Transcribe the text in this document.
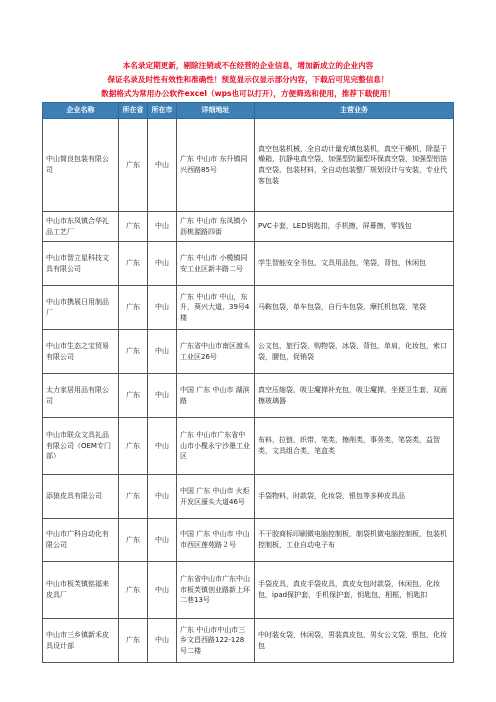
本名录定期更新，剔除注销或不在经营的企业信息，增加新成立的企业内容
保证名录及时性有效性和准确性！预览显示仅显示部分内容，下载后可见完整信息！
数据格式为常用办公软件excel（wps也可以打开），方便筛选和使用，推荐下载使用！
企业名称	所在省	所在市	详细地址	主营业务
中山简良包装有限公司	广东	中山	广东 中山市 东升镇同兴西路85号	真空包装机械，全自动计量充填包装机，真空干燥机，除湿干燥箱，抗静电真空袋，加强型防漏型环保真空袋，加强型铝箔真空袋，包装材料，全自动包装整厂规划设计与安装，专业代客包装
中山市东凤镇合华礼品工艺厂	广东	中山	广东 中山市 东凤镇小沥桃源路四街	PVC卡套，LED钥匙扣，手机擦，屏幕擦，零钱包
中山市智立星科技文具有限公司	广东	中山	广东 中山市 小榄镇同安工业区新丰路二号	学生智能安全书包，文具用品包，笔袋，背包，休闲包
中山市携展日用制品厂	广东	中山	广东 中山市 中山，东升，葵兴大道，39号4楼	马鞍包袋，单车包袋，自行车包袋，摩托机包袋，笔袋
中山市生态之宝贸易有限公司	广东	中山	广东省中山市南区渡头工业区26号	公文包，旅行袋，购物袋，冰袋，背包，单肩，化妆包，索口袋，腰包，促销袋
太力家居用品有限公司	广东	中山	中国 广东 中山市 湖滨路	真空压缩袋，吸尘魔掸补充包，吸尘魔掸，坐便卫生套，双面擦玻璃器
中山市联众文具礼品有限公司（OEM专门部）	广东	中山	广东 中山市广东省中山市小榄永宁沙墨工业区	布料，拉链，织带，笔类，擦削类，事务类，笔袋类，益智类，文具组合类，笔盒类
添狼皮具有限公司	广东	中山	中国 广东 中山市 火炬开发区濠头大道46号	手袋物料，时款袋，化妆袋，银包等多种皮具品
中山市广科自动化有限公司	广东	中山	中国 广东 中山市 中山市西区莲苑路２号	不干胶商标印刷微电脑控制板，制袋机微电脑控制板，包装机控制板，工业自动电子布
中山市板芙镇铭福来皮具厂	广东	中山	广东省中山市广东中山市板芙镇创业路新上环二巷13号	手袋皮具，真皮手袋皮具，真皮女包时款袋，休闲包，化妆包，ipad保护套，手机保护套，钥匙包，相框，钥匙扣
中山市三乡镇新禾皮具设计部	广东	中山	广东 中山市中山市三乡文昌西路122-128号二楼	中时装女袋，休闲袋，男装真皮包，男女公文袋，银包，化妆包
